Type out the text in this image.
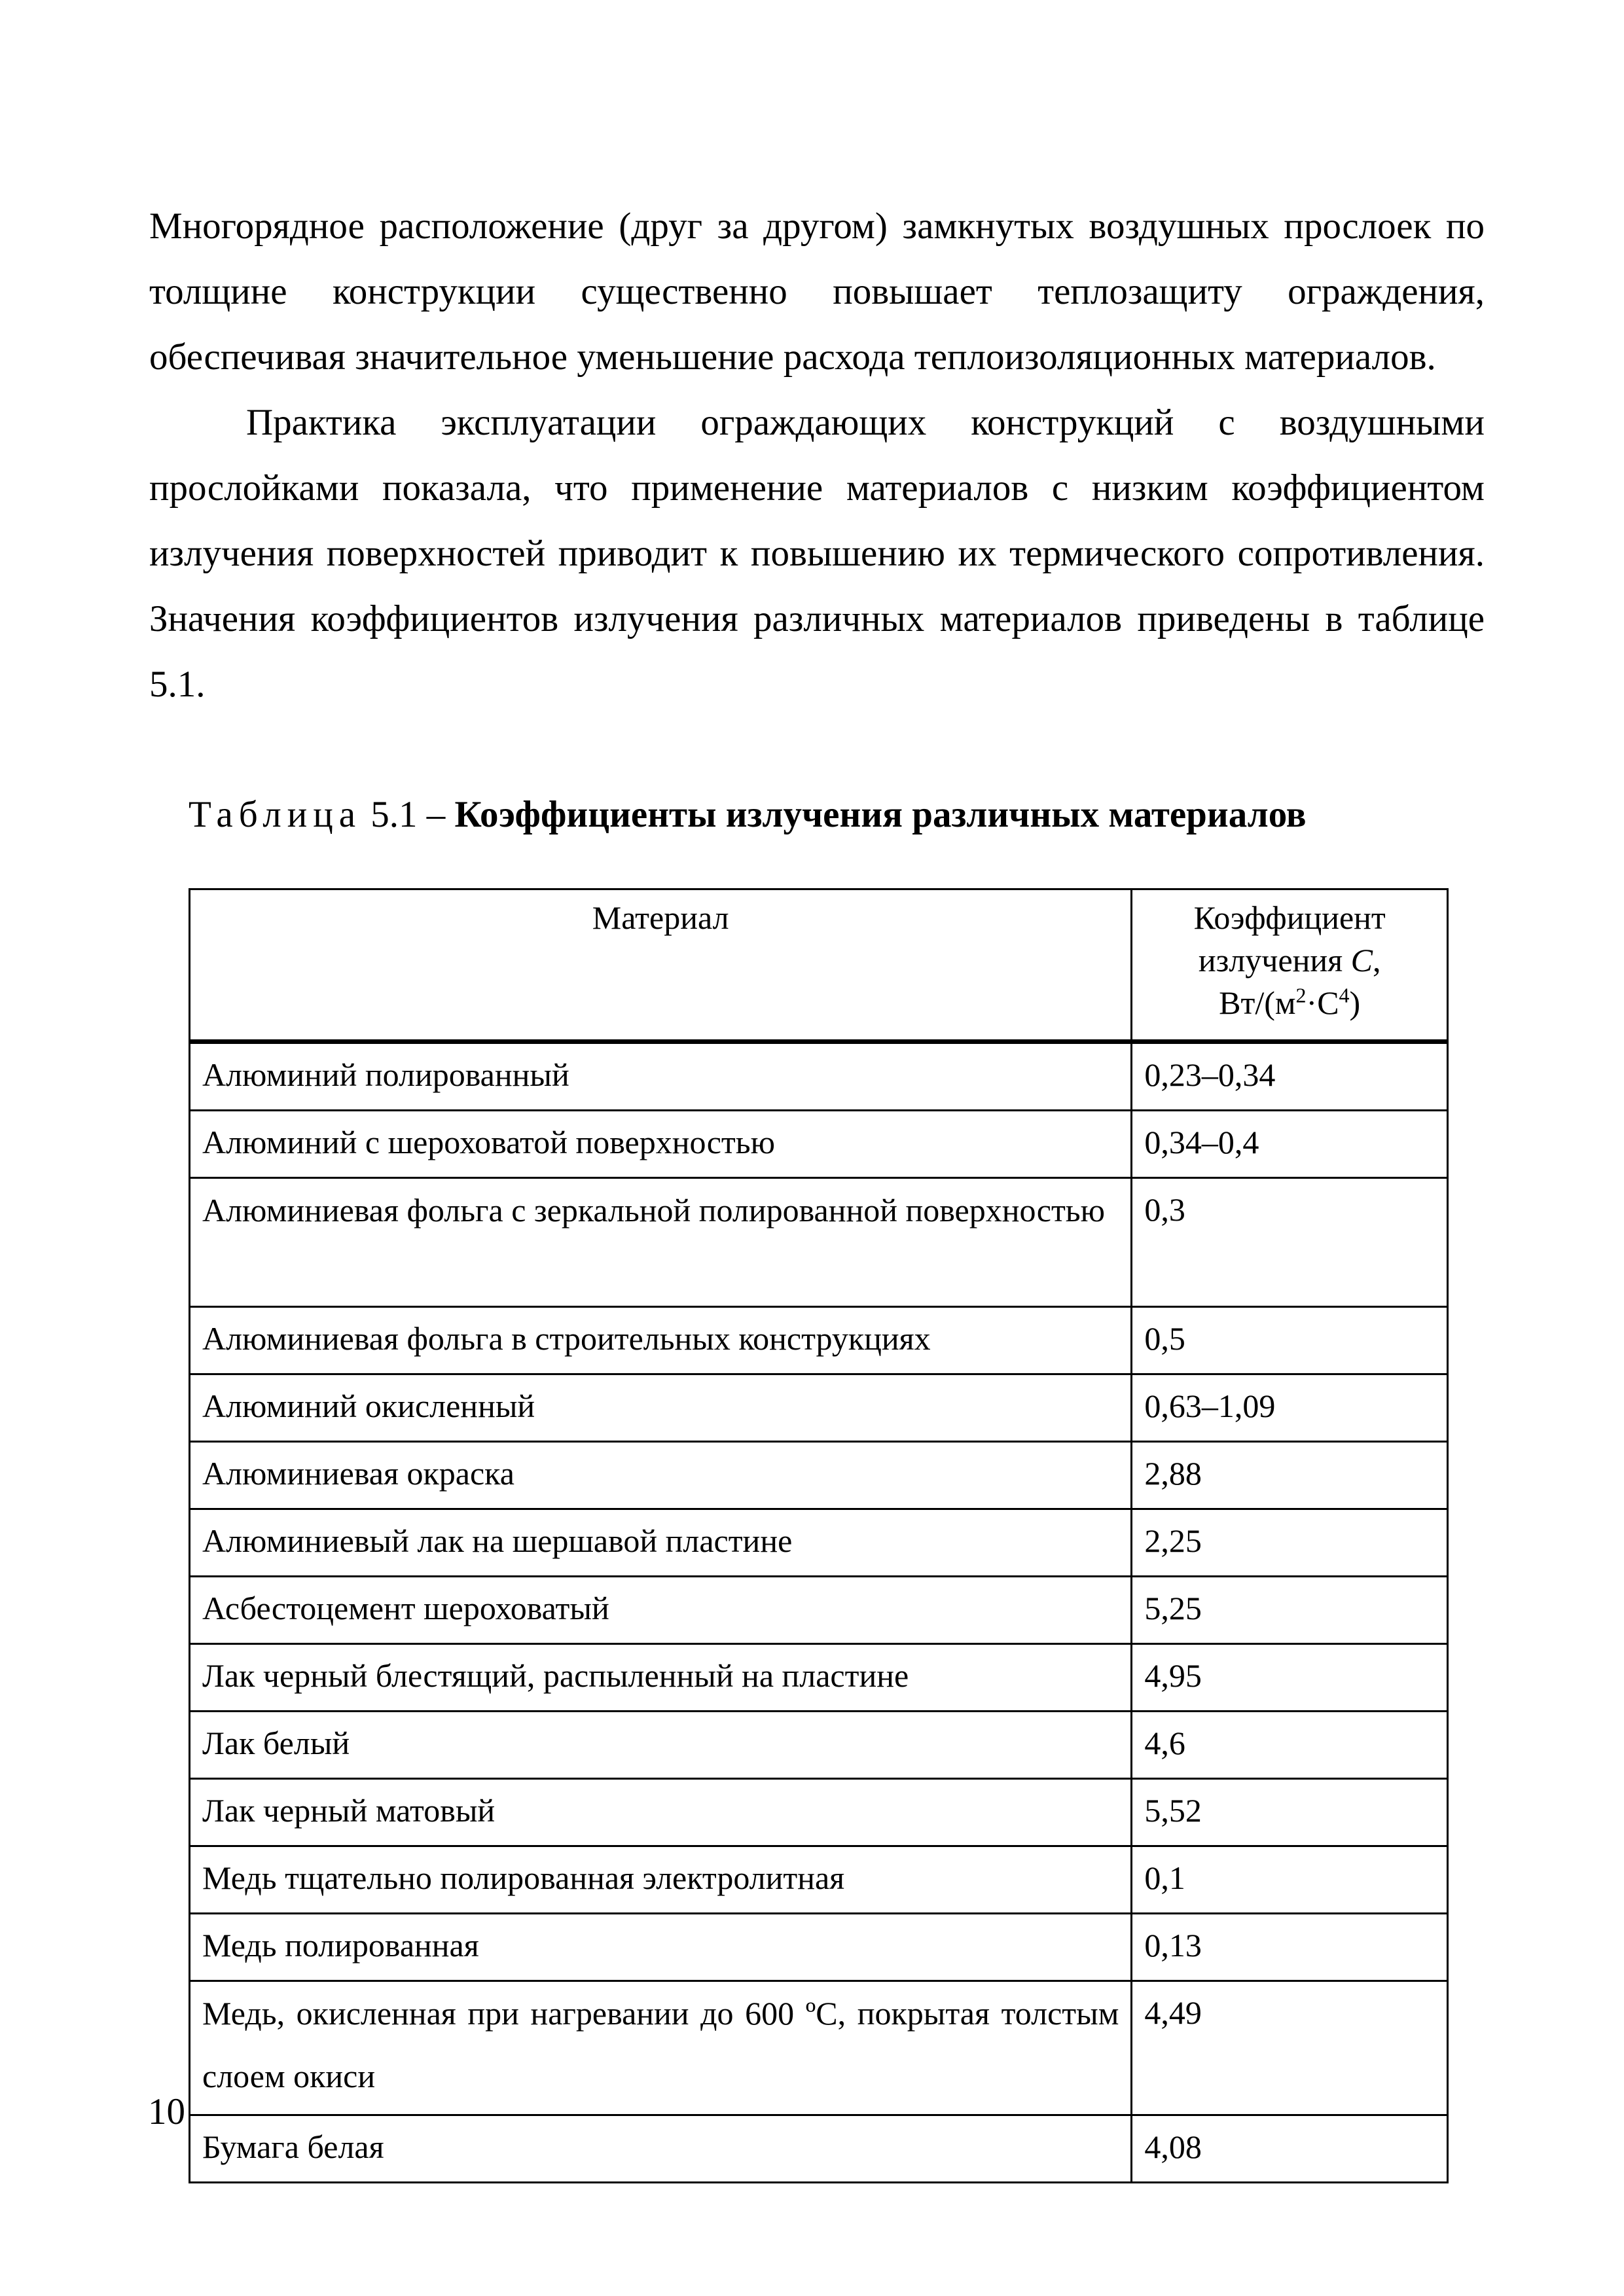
Многорядное расположение (друг за другом) замкнутых воздушных прослоек по толщине конструкции существенно повышает теплозащиту ограждения, обеспечивая значительное уменьшение расхода теплоизоляционных материалов.

Практика эксплуатации ограждающих конструкций с воздушными прослойками показала, что применение материалов с низким коэффициентом излучения поверхностей приводит к повышению их термического сопротивления. Значения коэффициентов излучения различных материалов приведены в таблице 5.1.

Таблица 5.1 – Коэффициенты излучения различных материалов
Материал	Коэффициент
излучения C,
$Вт/(м^2\cdot С^4)$
Алюминий полированный	0,23–0,34
Алюминий с шероховатой поверхностью	0,34–0,4
Алюминиевая фольга с зеркальной полированной поверхностью	0,3
Алюминиевая фольга в строительных конструкциях	0,5
Алюминий окисленный	0,63–1,09
Алюминиевая окраска	2,88
Алюминиевый лак на шершавой пластине	2,25
Асбестоцемент шероховатый	5,25
Лак черный блестящий, распыленный на пластине	4,95
Лак белый	4,6
Лак черный матовый	5,52
Медь тщательно полированная электролитная	0,1
Медь полированная	0,13
Медь, окисленная при нагревании до 600 ºС, покрытая толстым слоем окиси	4,49
Бумага белая	4,08
10
